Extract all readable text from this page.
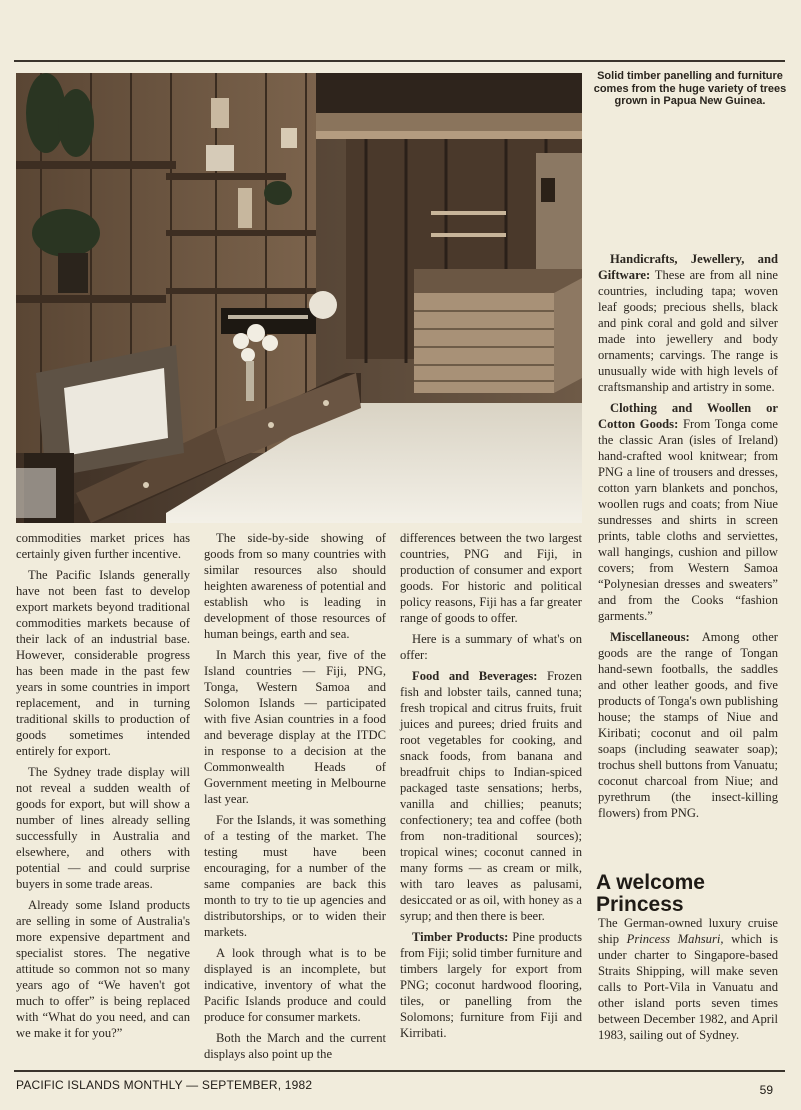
Solid timber panelling and furniture comes from the huge variety of trees grown in Papua New Guinea.

commodities market prices has certainly given further incentive.

The Pacific Islands generally have not been fast to develop export markets beyond traditional commodities markets because of their lack of an industrial base. However, considerable progress has been made in the past few years in some countries in import replacement, and in turning traditional skills to production of goods sometimes intended entirely for export.

The Sydney trade display will not reveal a sudden wealth of goods for export, but will show a number of lines already selling successfully in Australia and elsewhere, and others with potential — and could surprise buyers in some trade areas.

Already some Island products are selling in some of Australia's more expensive department and specialist stores. The negative attitude so common not so many years ago of “We haven't got much to offer” is being replaced with “What do you need, and can we make it for you?”

The side-by-side showing of goods from so many countries with similar resources also should heighten awareness of potential and establish who is leading in development of those resources of human beings, earth and sea.

In March this year, five of the Island countries — Fiji, PNG, Tonga, Western Samoa and Solomon Islands — participated with five Asian countries in a food and beverage display at the ITDC in response to a decision at the Commonwealth Heads of Government meeting in Melbourne last year.

For the Islands, it was something of a testing of the market. The testing must have been encouraging, for a number of the same companies are back this month to try to tie up agencies and distributorships, or to widen their markets.

A look through what is to be displayed is an incomplete, but indicative, inventory of what the Pacific Islands produce and could produce for consumer markets.

Both the March and the current displays also point up the

differences between the two largest countries, PNG and Fiji, in production of consumer and export goods. For historic and political policy reasons, Fiji has a far greater range of goods to offer.

Here is a summary of what's on offer:

Food and Beverages: Frozen fish and lobster tails, canned tuna; fresh tropical and citrus fruits, fruit juices and purees; dried fruits and root vegetables for cooking, and snack foods, from banana and breadfruit chips to Indian-spiced packaged taste sensations; herbs, vanilla and chillies; peanuts; confectionery; tea and coffee (both from non-traditional sources); tropical wines; coconut canned in many forms — as cream or milk, with taro leaves as palusami, desiccated or as oil, with honey as a syrup; and then there is beer.

Timber Products: Pine products from Fiji; solid timber furniture and timbers largely for export from PNG; coconut hardwood flooring, tiles, or panelling from the Solomons; furniture from Fiji and Kirribati.

Handicrafts, Jewellery, and Giftware: These are from all nine countries, including tapa; woven leaf goods; precious shells, black and pink coral and gold and silver made into jewellery and body ornaments; carvings. The range is unusually wide with high levels of craftsmanship and artistry in some.

Clothing and Woollen or Cotton Goods: From Tonga come the classic Aran (isles of Ireland) hand-crafted wool knitwear; from PNG a line of trousers and dresses, cotton yarn blankets and ponchos, woollen rugs and coats; from Niue sundresses and shirts in screen prints, table cloths and serviettes, wall hangings, cushion and pillow covers; from Western Samoa “Polynesian dresses and sweaters” and from the Cooks “fashion garments.”

Miscellaneous: Among other goods are the range of Tongan hand-sewn footballs, the saddles and other leather goods, and five products of Tonga's own publishing house; the stamps of Niue and Kiribati; coconut and oil palm soaps (including seawater soap); trochus shell buttons from Vanuatu; coconut charcoal from Niue; and pyrethrum (the insect-killing flowers) from PNG.

A welcome Princess

The German-owned luxury cruise ship Princess Mahsuri, which is under charter to Singapore-based Straits Shipping, will make seven calls to Port-Vila in Vanuatu and other island ports seven times between December 1982, and April 1983, sailing out of Sydney.

PACIFIC ISLANDS MONTHLY — SEPTEMBER, 1982	59
